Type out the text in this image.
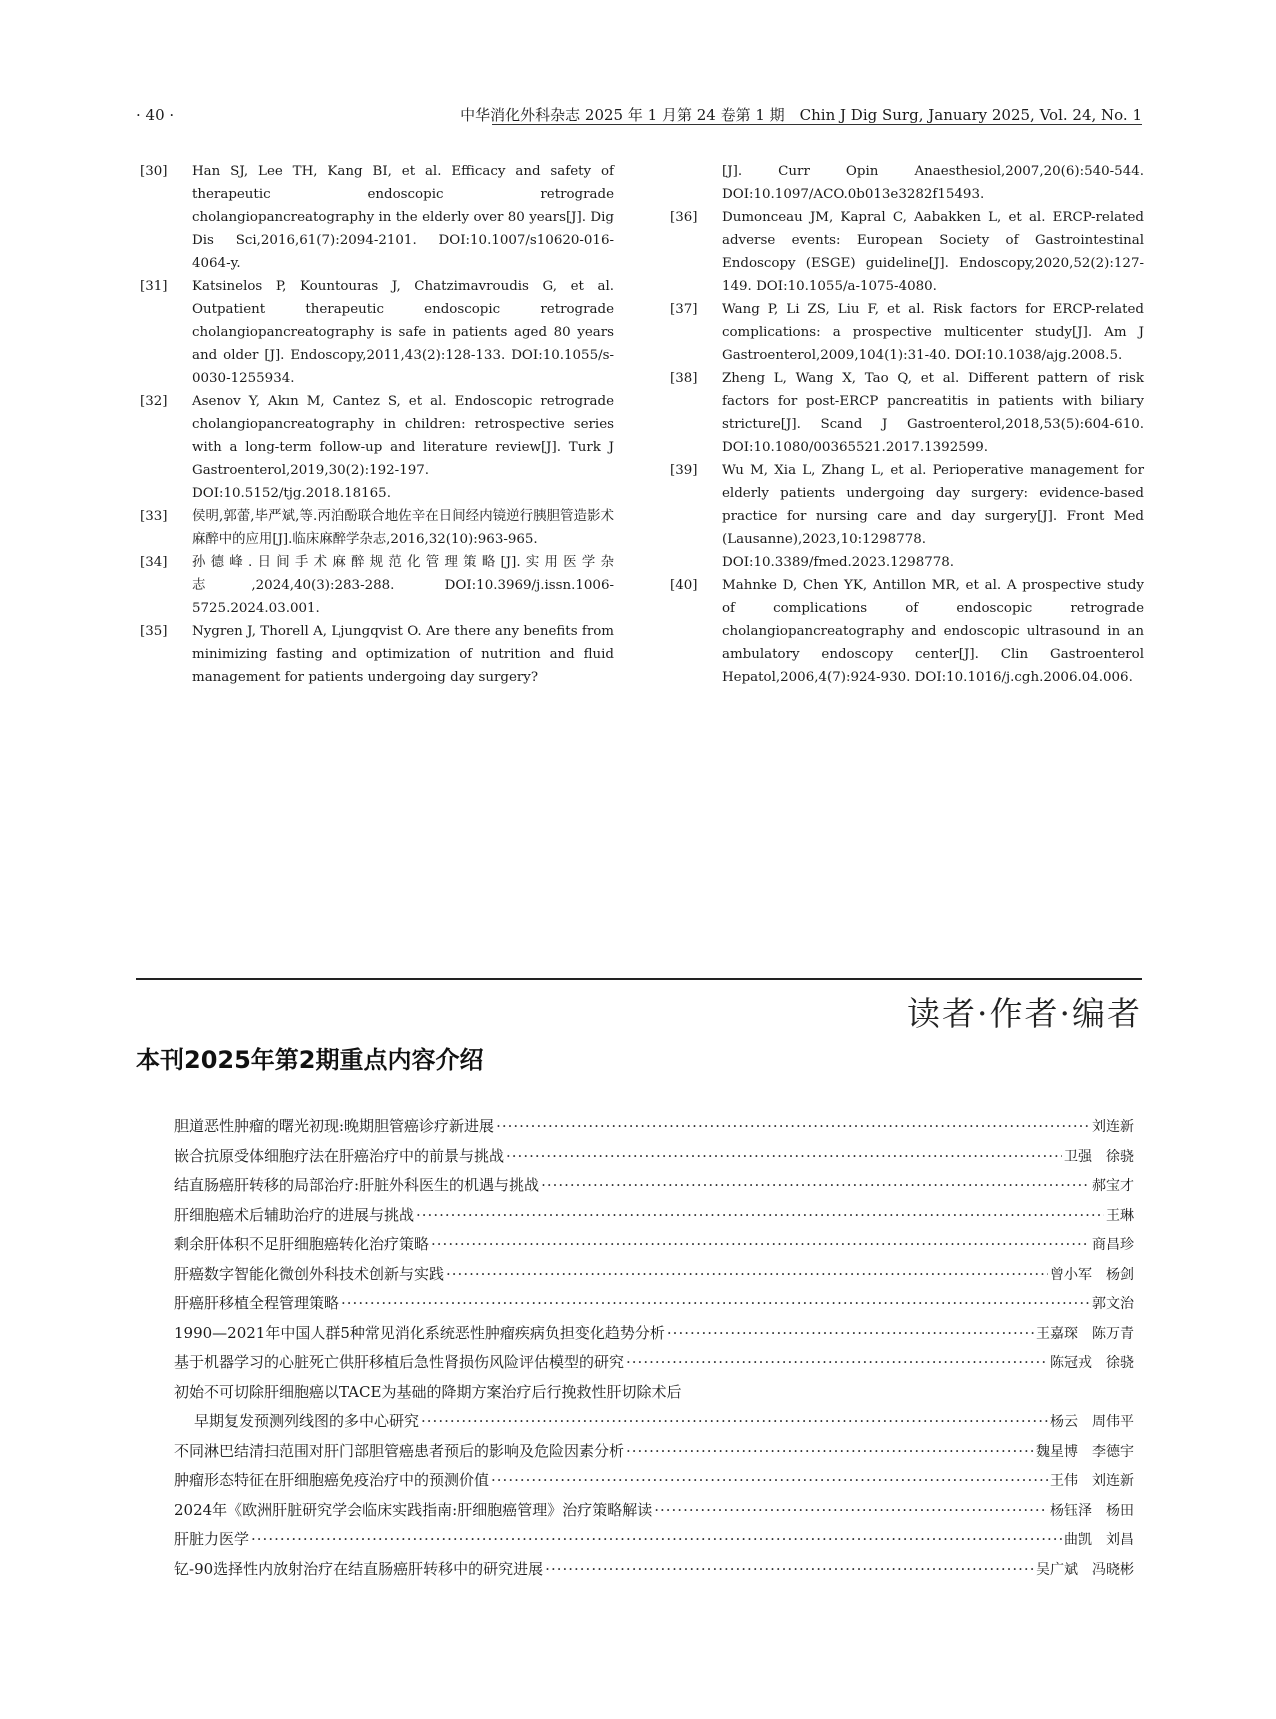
· 40 ·	中华消化外科杂志 2025 年 1 月第 24 卷第 1 期　Chin J Dig Surg, January 2025, Vol. 24, No. 1

[30] Han SJ, Lee TH, Kang BI, et al. Efficacy and safety of therapeutic endoscopic retrograde cholangiopancreatography in the elderly over 80 years[J]. Dig Dis Sci,2016,61(7):2094-2101. DOI:10.1007/s10620-016-4064-y.

[31] Katsinelos P, Kountouras J, Chatzimavroudis G, et al. Outpatient therapeutic endoscopic retrograde cholangiopancreatography is safe in patients aged 80 years and older [J]. Endoscopy,2011,43(2):128-133. DOI:10.1055/s-0030-1255934.

[32] Asenov Y, Akın M, Cantez S, et al. Endoscopic retrograde cholangiopancreatography in children: retrospective series with a long-term follow-up and literature review[J]. Turk J Gastroenterol,2019,30(2):192-197. DOI:10.5152/tjg.2018.18165.

[33] 侯明,郭蕾,毕严斌,等.丙泊酚联合地佐辛在日间经内镜逆行胰胆管造影术麻醉中的应用[J].临床麻醉学杂志,2016,32(10):963-965.

[34] 孙德峰.日间手术麻醉规范化管理策略[J].实用医学杂志,2024,40(3):283-288. DOI:10.3969/j.issn.1006-5725.2024.03.001.

[35] Nygren J, Thorell A, Ljungqvist O. Are there any benefits from minimizing fasting and optimization of nutrition and fluid management for patients undergoing day surgery?

[J]. Curr Opin Anaesthesiol,2007,20(6):540-544. DOI:10.1097/ACO.0b013e3282f15493.

[36] Dumonceau JM, Kapral C, Aabakken L, et al. ERCP-related adverse events: European Society of Gastrointestinal Endoscopy (ESGE) guideline[J]. Endoscopy,2020,52(2):127-149. DOI:10.1055/a-1075-4080.

[37] Wang P, Li ZS, Liu F, et al. Risk factors for ERCP-related complications: a prospective multicenter study[J]. Am J Gastroenterol,2009,104(1):31-40. DOI:10.1038/ajg.2008.5.

[38] Zheng L, Wang X, Tao Q, et al. Different pattern of risk factors for post-ERCP pancreatitis in patients with biliary stricture[J]. Scand J Gastroenterol,2018,53(5):604-610. DOI:10.1080/00365521.2017.1392599.

[39] Wu M, Xia L, Zhang L, et al. Perioperative management for elderly patients undergoing day surgery: evidence-based practice for nursing care and day surgery[J]. Front Med (Lausanne),2023,10:1298778. DOI:10.3389/fmed.2023.1298778.

[40] Mahnke D, Chen YK, Antillon MR, et al. A prospective study of complications of endoscopic retrograde cholangiopancreatography and endoscopic ultrasound in an ambulatory endoscopy center[J]. Clin Gastroenterol Hepatol,2006,4(7):924-930. DOI:10.1016/j.cgh.2006.04.006.

读者·作者·编者
本刊2025年第2期重点内容介绍
胆道恶性肿瘤的曙光初现:晚期胆管癌诊疗新进展 ·····	刘连新
嵌合抗原受体细胞疗法在肝癌治疗中的前景与挑战 ·····	卫强　徐骁
结直肠癌肝转移的局部治疗:肝脏外科医生的机遇与挑战 ·····	郝宝才
肝细胞癌术后辅助治疗的进展与挑战 ·····	王琳
剩余肝体积不足肝细胞癌转化治疗策略 ·····	商昌珍
肝癌数字智能化微创外科技术创新与实践 ·····	曾小军　杨剑
肝癌肝移植全程管理策略 ·····	郭文治
1990—2021年中国人群5种常见消化系统恶性肿瘤疾病负担变化趋势分析 ·····	王嘉琛　陈万青
基于机器学习的心脏死亡供肝移植后急性肾损伤风险评估模型的研究 ·····	陈冠戎　徐骁
初始不可切除肝细胞癌以TACE为基础的降期方案治疗后行挽救性肝切除术后
早期复发预测列线图的多中心研究 ·····	杨云　周伟平
不同淋巴结清扫范围对肝门部胆管癌患者预后的影响及危险因素分析 ·····	魏星博　李德宇
肿瘤形态特征在肝细胞癌免疫治疗中的预测价值 ·····	王伟　刘连新
2024年《欧洲肝脏研究学会临床实践指南:肝细胞癌管理》治疗策略解读 ·····	杨钰泽　杨田
肝脏力医学 ·····	曲凯　刘昌
钇-90选择性内放射治疗在结直肠癌肝转移中的研究进展 ·····	吴广斌　冯晓彬
